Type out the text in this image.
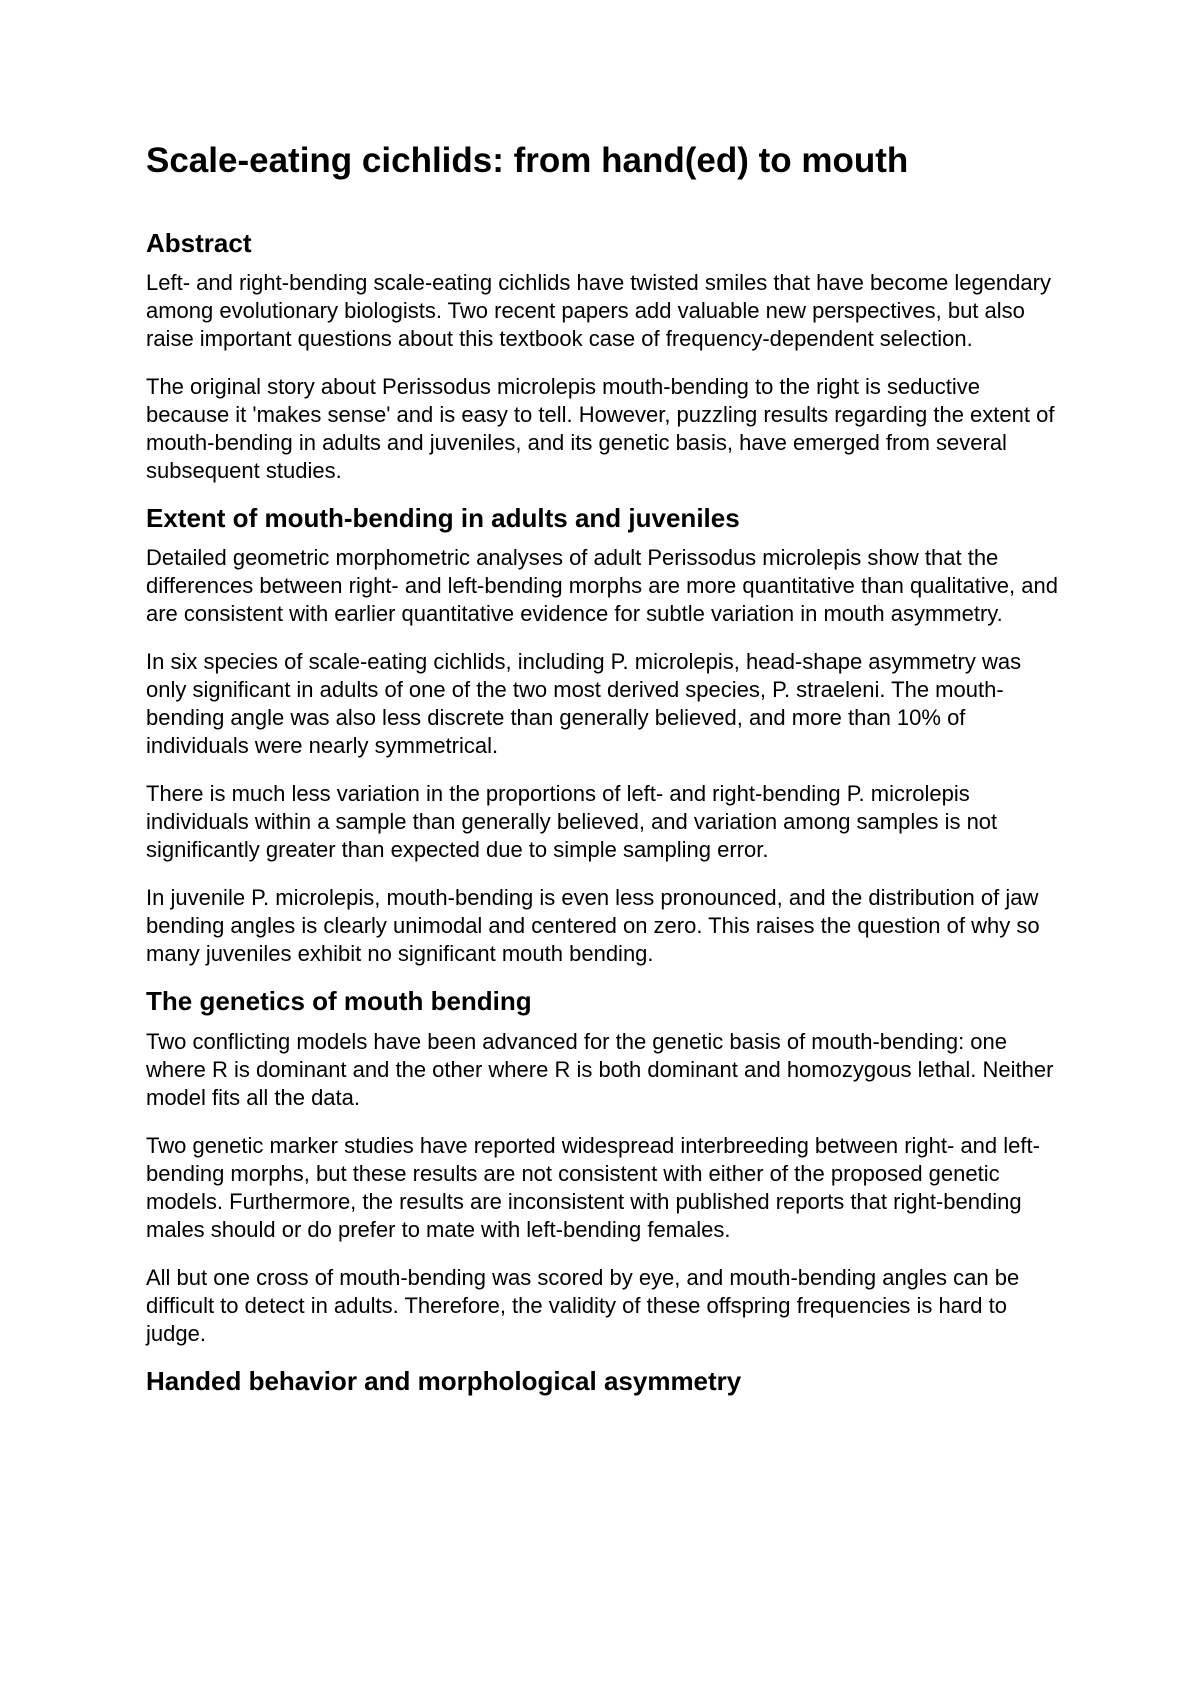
Scale-eating cichlids: from hand(ed) to mouth
Abstract

Left- and right-bending scale-eating cichlids have twisted smiles that have become legendary among evolutionary biologists. Two recent papers add valuable new perspectives, but also raise important questions about this textbook case of frequency-dependent selection.

The original story about Perissodus microlepis mouth-bending to the right is seductive because it 'makes sense' and is easy to tell. However, puzzling results regarding the extent of mouth-bending in adults and juveniles, and its genetic basis, have emerged from several subsequent studies.

Extent of mouth-bending in adults and juveniles

Detailed geometric morphometric analyses of adult Perissodus microlepis show that the differences between right- and left-bending morphs are more quantitative than qualitative, and are consistent with earlier quantitative evidence for subtle variation in mouth asymmetry.

In six species of scale-eating cichlids, including P. microlepis, head-shape asymmetry was only significant in adults of one of the two most derived species, P. straeleni. The mouth-bending angle was also less discrete than generally believed, and more than 10% of individuals were nearly symmetrical.

There is much less variation in the proportions of left- and right-bending P. microlepis individuals within a sample than generally believed, and variation among samples is not significantly greater than expected due to simple sampling error.

In juvenile P. microlepis, mouth-bending is even less pronounced, and the distribution of jaw bending angles is clearly unimodal and centered on zero. This raises the question of why so many juveniles exhibit no significant mouth bending.

The genetics of mouth bending

Two conflicting models have been advanced for the genetic basis of mouth-bending: one where R is dominant and the other where R is both dominant and homozygous lethal. Neither model fits all the data.

Two genetic marker studies have reported widespread interbreeding between right- and left-bending morphs, but these results are not consistent with either of the proposed genetic models. Furthermore, the results are inconsistent with published reports that right-bending males should or do prefer to mate with left-bending females.

All but one cross of mouth-bending was scored by eye, and mouth-bending angles can be difficult to detect in adults. Therefore, the validity of these offspring frequencies is hard to judge.

Handed behavior and morphological asymmetry
